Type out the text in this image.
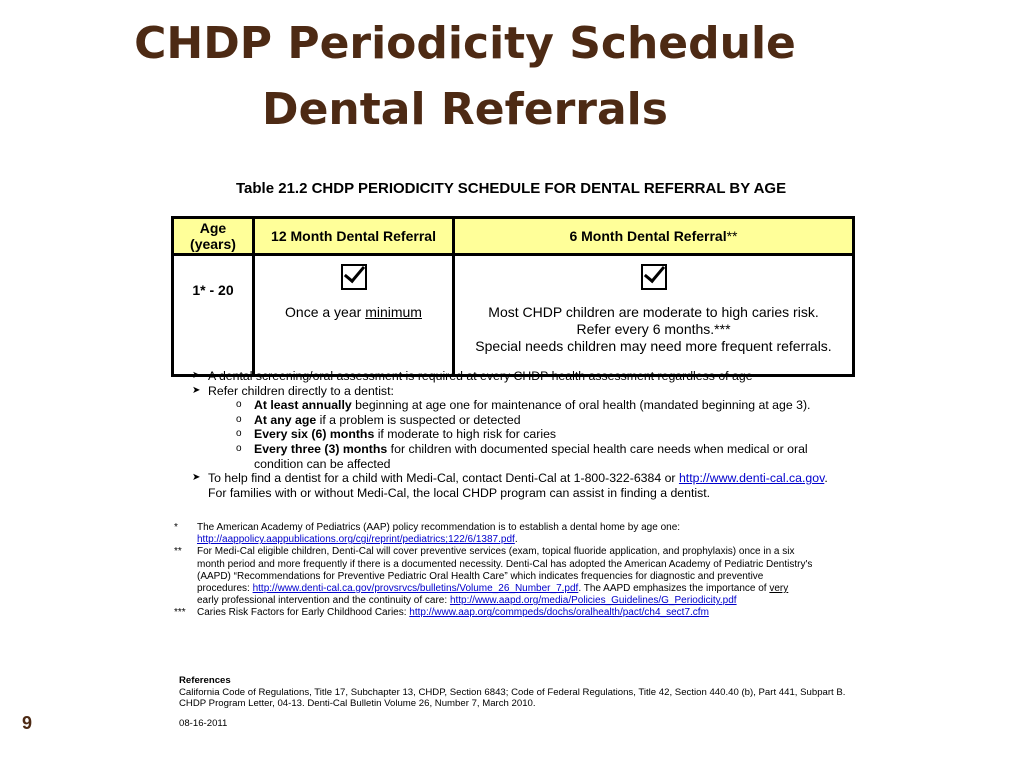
CHDP Periodicity Schedule
Dental Referrals
Table 21.2 CHDP PERIODICITY SCHEDULE FOR DENTAL REFERRAL BY AGE
Age
(years)	12 Month Dental Referral	6 Month Dental Referral**
1* - 20	Once a year minimum	Most CHDP children are moderate to high caries risk.
Refer every 6 months.***
Special needs children may need more frequent referrals.
➤ A dental screening/oral assessment is required at every CHDP health assessment regardless of age
➤ Refer children directly to a dentist:
o At least annually beginning at age one for maintenance of oral health (mandated beginning at age 3).
o At any age if a problem is suspected or detected
o Every six (6) months if moderate to high risk for caries
o Every three (3) months for children with documented special health care needs when medical or oral
condition can be affected
➤ To help find a dentist for a child with Medi-Cal, contact Denti-Cal at 1-800-322-6384 or http://www.denti-cal.ca.gov.
For families with or without Medi-Cal, the local CHDP program can assist in finding a dentist.
*	The American Academy of Pediatrics (AAP) policy recommendation is to establish a dental home by age one:
http://aappolicy.aappublications.org/cgi/reprint/pediatrics;122/6/1387.pdf.
**	For Medi-Cal eligible children, Denti-Cal will cover preventive services (exam, topical fluoride application, and prophylaxis) once in a six
month period and more frequently if there is a documented necessity. Denti-Cal has adopted the American Academy of Pediatric Dentistry's
(AAPD) “Recommendations for Preventive Pediatric Oral Health Care” which indicates frequencies for diagnostic and preventive
procedures: http://www.denti-cal.ca.gov/provsrvcs/bulletins/Volume_26_Number_7.pdf. The AAPD emphasizes the importance of very
early professional intervention and the continuity of care: http://www.aapd.org/media/Policies_Guidelines/G_Periodicity.pdf
***	Caries Risk Factors for Early Childhood Caries: http://www.aap.org/commpeds/dochs/oralhealth/pact/ch4_sect7.cfm
References
California Code of Regulations, Title 17, Subchapter 13, CHDP, Section 6843; Code of Federal Regulations, Title 42, Section 440.40 (b), Part 441, Subpart B.
CHDP Program Letter, 04-13. Denti-Cal Bulletin Volume 26, Number 7, March 2010.
08-16-2011
9
